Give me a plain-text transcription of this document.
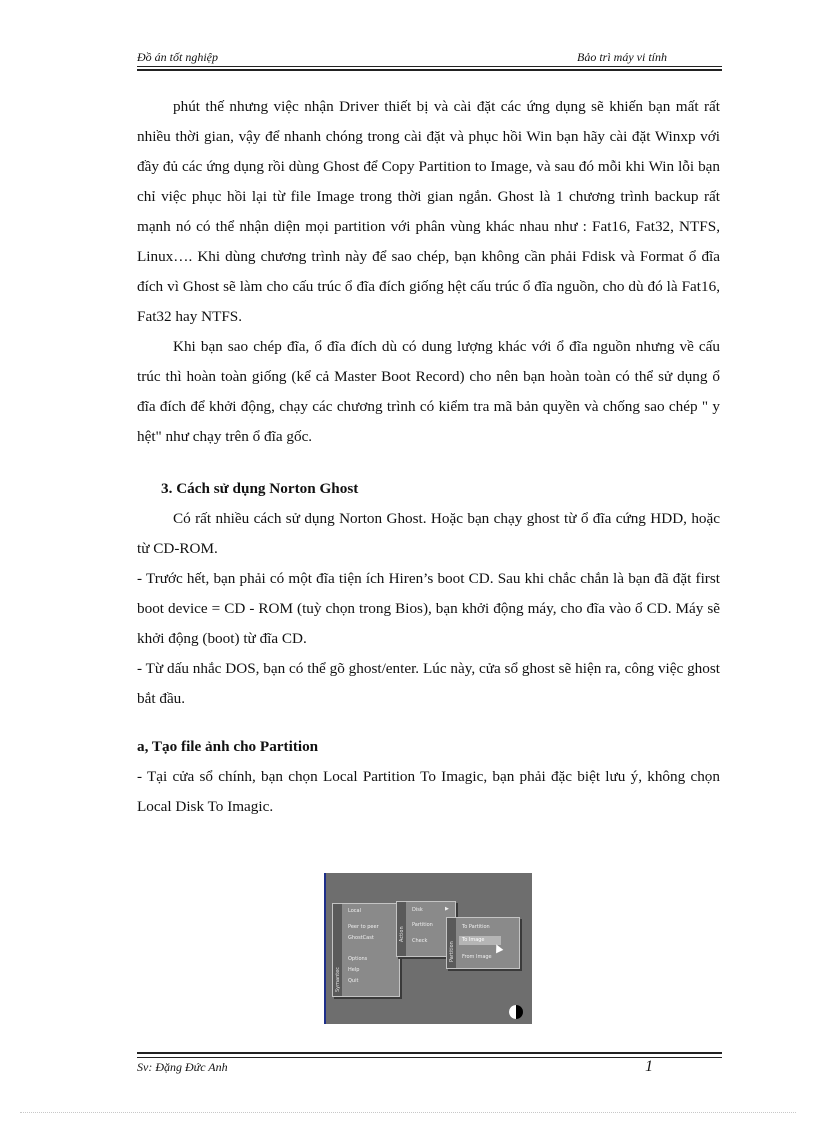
Đồ án tốt nghiệp	Bảo trì máy vi tính

phút thế nhưng việc nhận Driver thiết bị và cài đặt các ứng dụng sẽ khiến bạn mất rất nhiều thời gian, vậy để nhanh chóng trong cài đặt và phục hồi Win bạn hãy cài đặt Winxp với đầy đủ các ứng dụng rồi dùng Ghost để Copy Partition to Image, và sau đó mỗi khi Win lỗi bạn chỉ việc phục hồi lại từ file Image trong thời gian ngắn. Ghost là 1 chương trình backup rất mạnh nó có thể nhận diện mọi partition với phân vùng khác nhau như : Fat16, Fat32, NTFS, Linux…. Khi dùng chương trình này để sao chép, bạn không cần phải Fdisk và Format ổ đĩa đích vì Ghost sẽ làm cho cấu trúc ổ đĩa đích giống hệt cấu trúc ổ đĩa nguồn, cho dù đó là Fat16, Fat32 hay NTFS.

Khi bạn sao chép đĩa, ổ đĩa đích dù có dung lượng khác với ổ đĩa nguồn nhưng về cấu trúc thì hoàn toàn giống (kể cả Master Boot Record) cho nên bạn hoàn toàn có thể sử dụng ổ đĩa đích để khởi động, chạy các chương trình có kiểm tra mã bản quyền và chống sao chép " y hệt" như chạy trên ổ đĩa gốc.

3. Cách sử dụng Norton Ghost

Có rất nhiều cách sử dụng Norton Ghost. Hoặc bạn chạy ghost từ ổ đĩa cứng HDD, hoặc từ CD-ROM.

- Trước hết, bạn phải có một đĩa tiện ích Hiren’s boot CD. Sau khi chắc chắn là bạn đã đặt first boot device = CD - ROM (tuỳ chọn trong Bios), bạn khởi động máy, cho đĩa vào ổ CD. Máy sẽ khởi động (boot) từ đĩa CD.

- Từ dấu nhắc DOS, bạn có thể gõ ghost/enter. Lúc này, cửa sổ ghost sẽ hiện ra, công việc ghost bắt đầu.

a, Tạo file ảnh cho Partition

- Tại cửa sổ chính, bạn chọn Local Partition To Imagic, bạn phải đặc biệt lưu ý, không chọn Local Disk To Imagic.

Symantec
Local
Peer to peer
GhostCast
Options
Help
Quit
Action
Disk	▶
Partition
Check
Partition
To Partition
To Image
From Image
Sv: Đặng Đức Anh	1
